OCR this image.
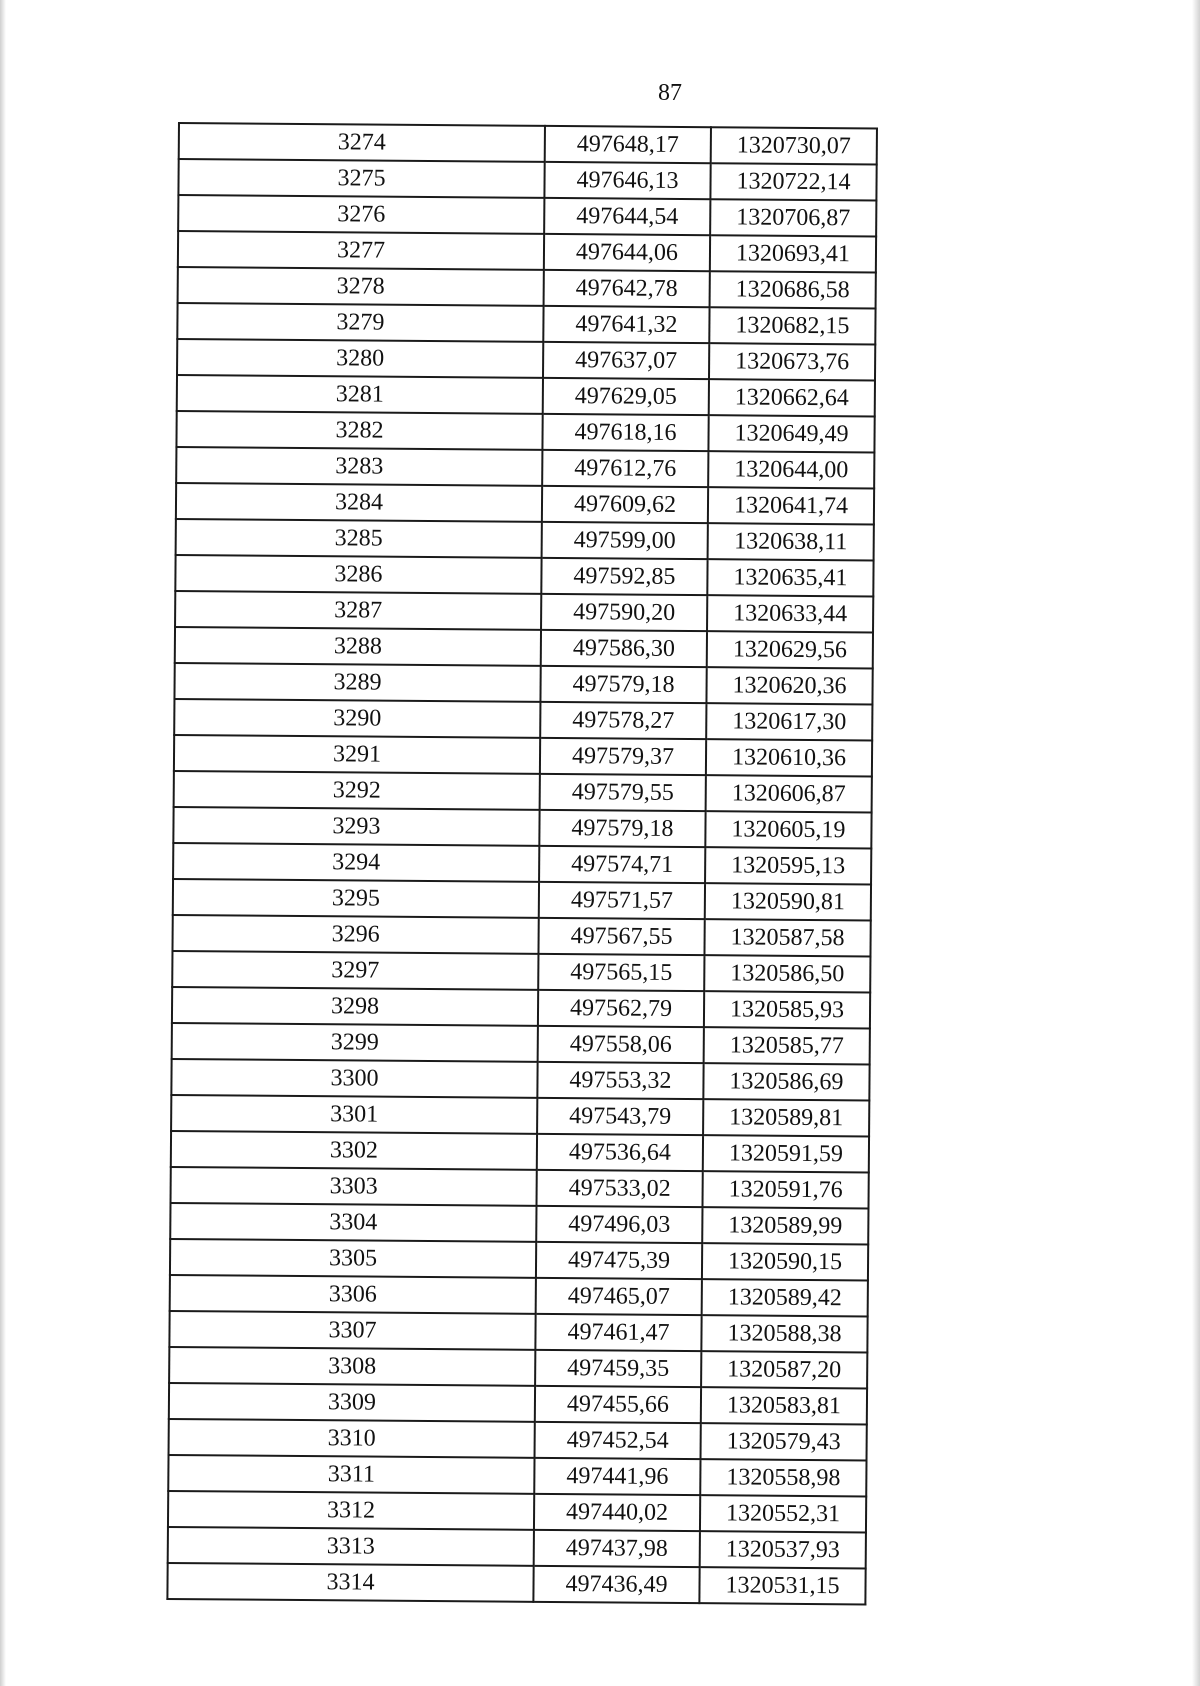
87
3274	497648,17	1320730,07
3275	497646,13	1320722,14
3276	497644,54	1320706,87
3277	497644,06	1320693,41
3278	497642,78	1320686,58
3279	497641,32	1320682,15
3280	497637,07	1320673,76
3281	497629,05	1320662,64
3282	497618,16	1320649,49
3283	497612,76	1320644,00
3284	497609,62	1320641,74
3285	497599,00	1320638,11
3286	497592,85	1320635,41
3287	497590,20	1320633,44
3288	497586,30	1320629,56
3289	497579,18	1320620,36
3290	497578,27	1320617,30
3291	497579,37	1320610,36
3292	497579,55	1320606,87
3293	497579,18	1320605,19
3294	497574,71	1320595,13
3295	497571,57	1320590,81
3296	497567,55	1320587,58
3297	497565,15	1320586,50
3298	497562,79	1320585,93
3299	497558,06	1320585,77
3300	497553,32	1320586,69
3301	497543,79	1320589,81
3302	497536,64	1320591,59
3303	497533,02	1320591,76
3304	497496,03	1320589,99
3305	497475,39	1320590,15
3306	497465,07	1320589,42
3307	497461,47	1320588,38
3308	497459,35	1320587,20
3309	497455,66	1320583,81
3310	497452,54	1320579,43
3311	497441,96	1320558,98
3312	497440,02	1320552,31
3313	497437,98	1320537,93
3314	497436,49	1320531,15
